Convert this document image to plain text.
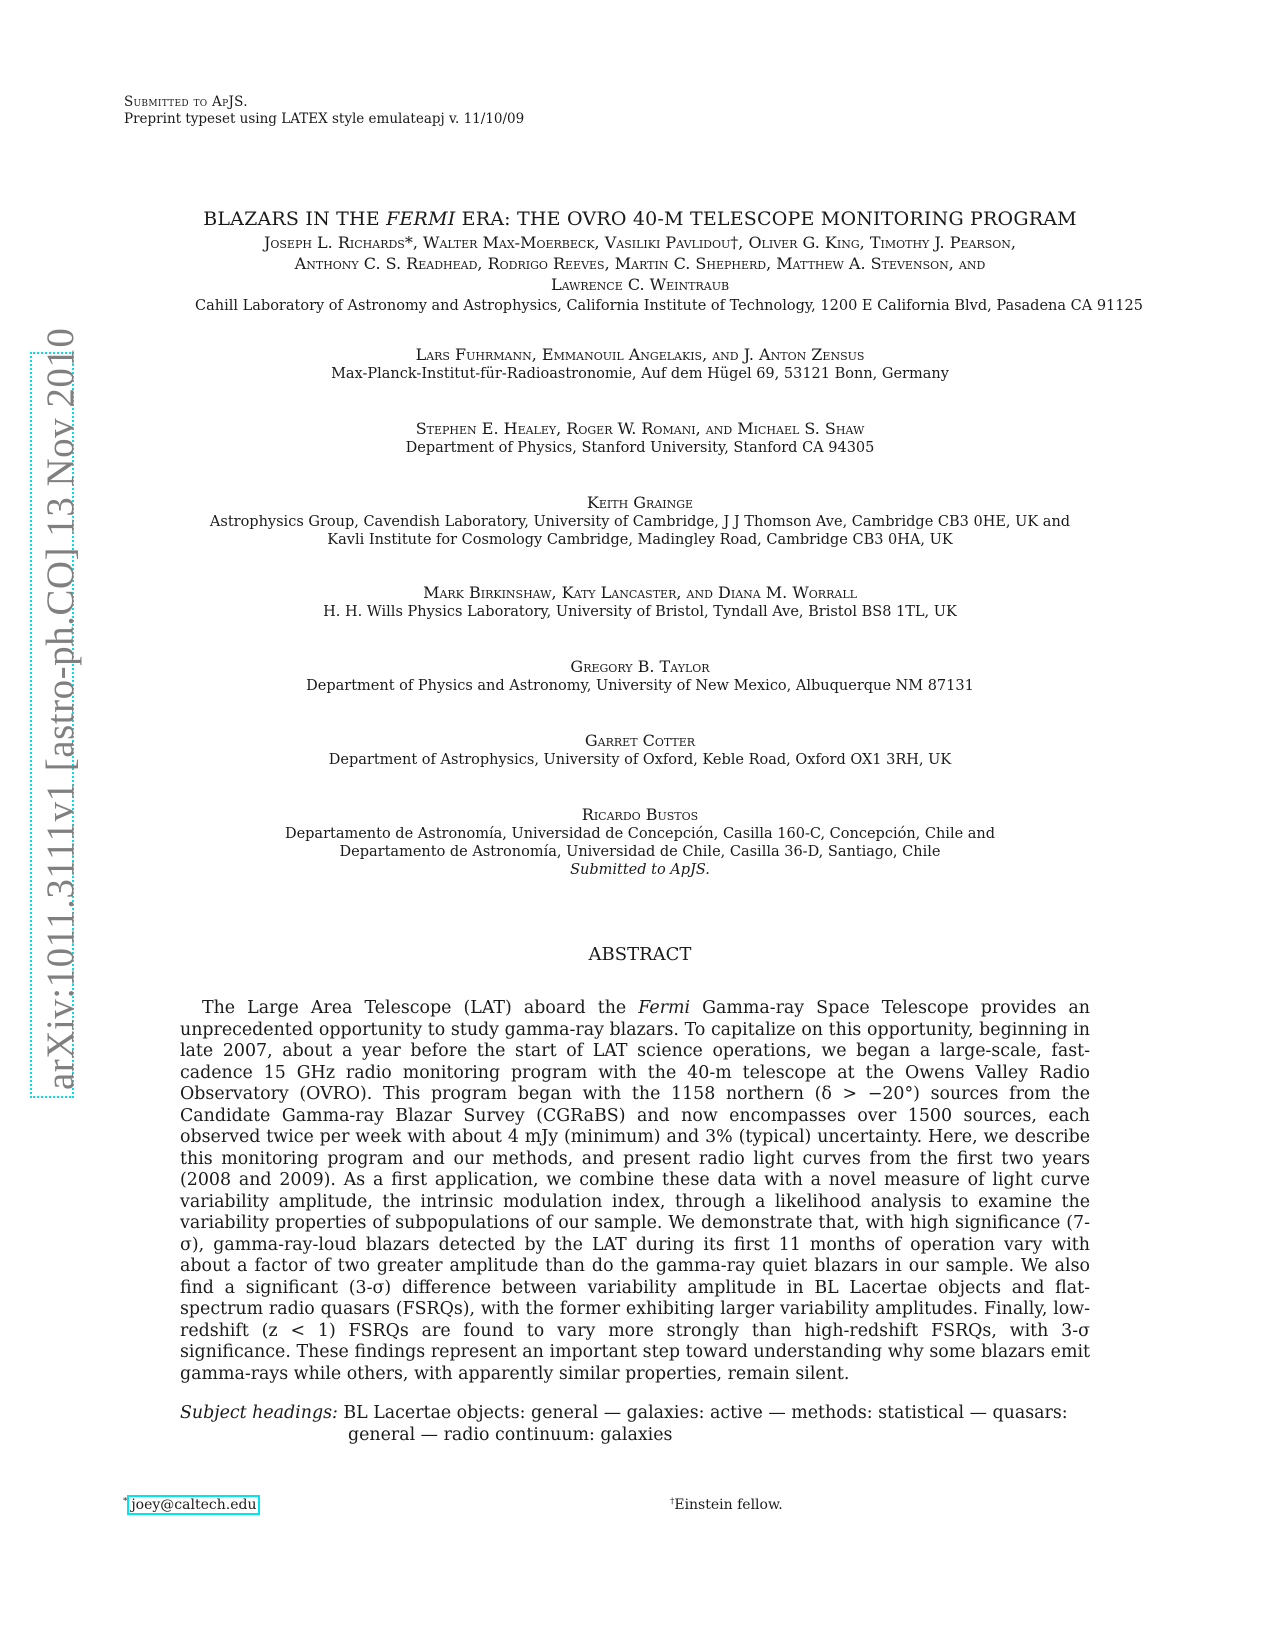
Submitted to ApJS.
Preprint typeset using LATEX style emulateapj v. 11/10/09
arXiv:1011.3111v1 [astro-ph.CO] 13 Nov 2010
BLAZARS IN THE FERMI ERA: THE OVRO 40-M TELESCOPE MONITORING PROGRAM
Joseph L. Richards*, Walter Max-Moerbeck, Vasiliki Pavlidou†, Oliver G. King, Timothy J. Pearson,
Anthony C. S. Readhead, Rodrigo Reeves, Martin C. Shepherd, Matthew A. Stevenson, and
Lawrence C. Weintraub
Cahill Laboratory of Astronomy and Astrophysics, California Institute of Technology, 1200 E California Blvd, Pasadena CA 91125
Lars Fuhrmann, Emmanouil Angelakis, and J. Anton Zensus
Max-Planck-Institut-für-Radioastronomie, Auf dem Hügel 69, 53121 Bonn, Germany
Stephen E. Healey, Roger W. Romani, and Michael S. Shaw
Department of Physics, Stanford University, Stanford CA 94305
Keith Grainge
Astrophysics Group, Cavendish Laboratory, University of Cambridge, J J Thomson Ave, Cambridge CB3 0HE, UK and
Kavli Institute for Cosmology Cambridge, Madingley Road, Cambridge CB3 0HA, UK
Mark Birkinshaw, Katy Lancaster, and Diana M. Worrall
H. H. Wills Physics Laboratory, University of Bristol, Tyndall Ave, Bristol BS8 1TL, UK
Gregory B. Taylor
Department of Physics and Astronomy, University of New Mexico, Albuquerque NM 87131
Garret Cotter
Department of Astrophysics, University of Oxford, Keble Road, Oxford OX1 3RH, UK
Ricardo Bustos
Departamento de Astronomía, Universidad de Concepción, Casilla 160-C, Concepción, Chile and
Departamento de Astronomía, Universidad de Chile, Casilla 36-D, Santiago, Chile
Submitted to ApJS.
ABSTRACT
The Large Area Telescope (LAT) aboard the Fermi Gamma-ray Space Telescope provides an unprecedented opportunity to study gamma-ray blazars. To capitalize on this opportunity, beginning in late 2007, about a year before the start of LAT science operations, we began a large-scale, fast-cadence 15 GHz radio monitoring program with the 40-m telescope at the Owens Valley Radio Observatory (OVRO). This program began with the 1158 northern (δ > −20°) sources from the Candidate Gamma-ray Blazar Survey (CGRaBS) and now encompasses over 1500 sources, each observed twice per week with about 4 mJy (minimum) and 3% (typical) uncertainty. Here, we describe this monitoring program and our methods, and present radio light curves from the first two years (2008 and 2009). As a first application, we combine these data with a novel measure of light curve variability amplitude, the intrinsic modulation index, through a likelihood analysis to examine the variability properties of subpopulations of our sample. We demonstrate that, with high significance (7-σ), gamma-ray-loud blazars detected by the LAT during its first 11 months of operation vary with about a factor of two greater amplitude than do the gamma-ray quiet blazars in our sample. We also find a significant (3-σ) difference between variability amplitude in BL Lacertae objects and flat-spectrum radio quasars (FSRQs), with the former exhibiting larger variability amplitudes. Finally, low-redshift (z < 1) FSRQs are found to vary more strongly than high-redshift FSRQs, with 3-σ significance. These findings represent an important step toward understanding why some blazars emit gamma-rays while others, with apparently similar properties, remain silent.
Subject headings: BL Lacertae objects: general — galaxies: active — methods: statistical — quasars: general — radio continuum: galaxies
* joey@caltech.edu	†Einstein fellow.
